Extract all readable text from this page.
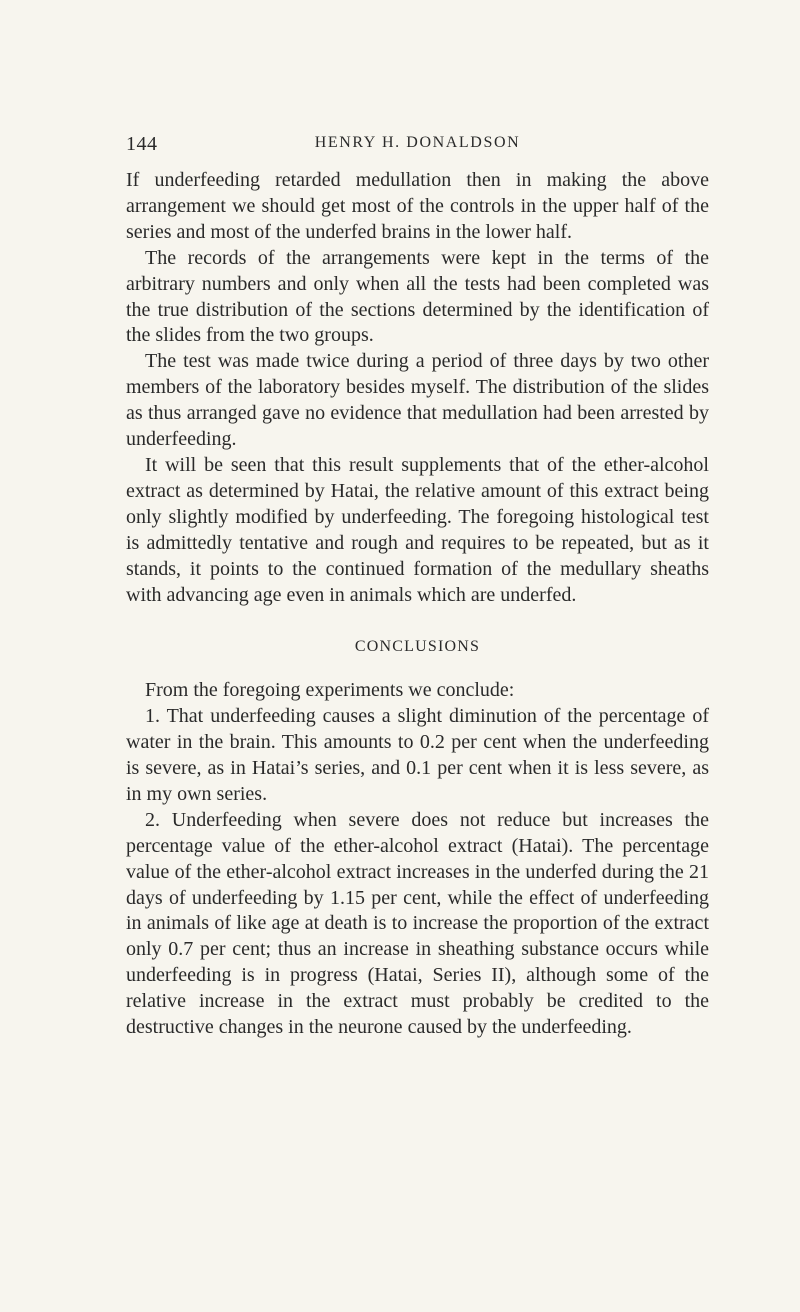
144	HENRY H. DONALDSON

If underfeeding retarded medullation then in making the above arrangement we should get most of the controls in the upper half of the series and most of the underfed brains in the lower half.

The records of the arrangements were kept in the terms of the arbitrary numbers and only when all the tests had been completed was the true distribution of the sections determined by the identification of the slides from the two groups.

The test was made twice during a period of three days by two other members of the laboratory besides myself. The distribution of the slides as thus arranged gave no evidence that medullation had been arrested by underfeeding.

It will be seen that this result supplements that of the ether-alcohol extract as determined by Hatai, the relative amount of this extract being only slightly modified by underfeeding. The foregoing histological test is admittedly tentative and rough and requires to be repeated, but as it stands, it points to the continued formation of the medullary sheaths with advancing age even in animals which are underfed.

CONCLUSIONS

From the foregoing experiments we conclude:

1. That underfeeding causes a slight diminution of the percentage of water in the brain. This amounts to 0.2 per cent when the underfeeding is severe, as in Hatai’s series, and 0.1 per cent when it is less severe, as in my own series.

2. Underfeeding when severe does not reduce but increases the percentage value of the ether-alcohol extract (Hatai). The percentage value of the ether-alcohol extract increases in the underfed during the 21 days of underfeeding by 1.15 per cent, while the effect of underfeeding in animals of like age at death is to increase the proportion of the extract only 0.7 per cent; thus an increase in sheathing substance occurs while underfeeding is in progress (Hatai, Series II), although some of the relative increase in the extract must probably be credited to the destructive changes in the neurone caused by the underfeeding.
